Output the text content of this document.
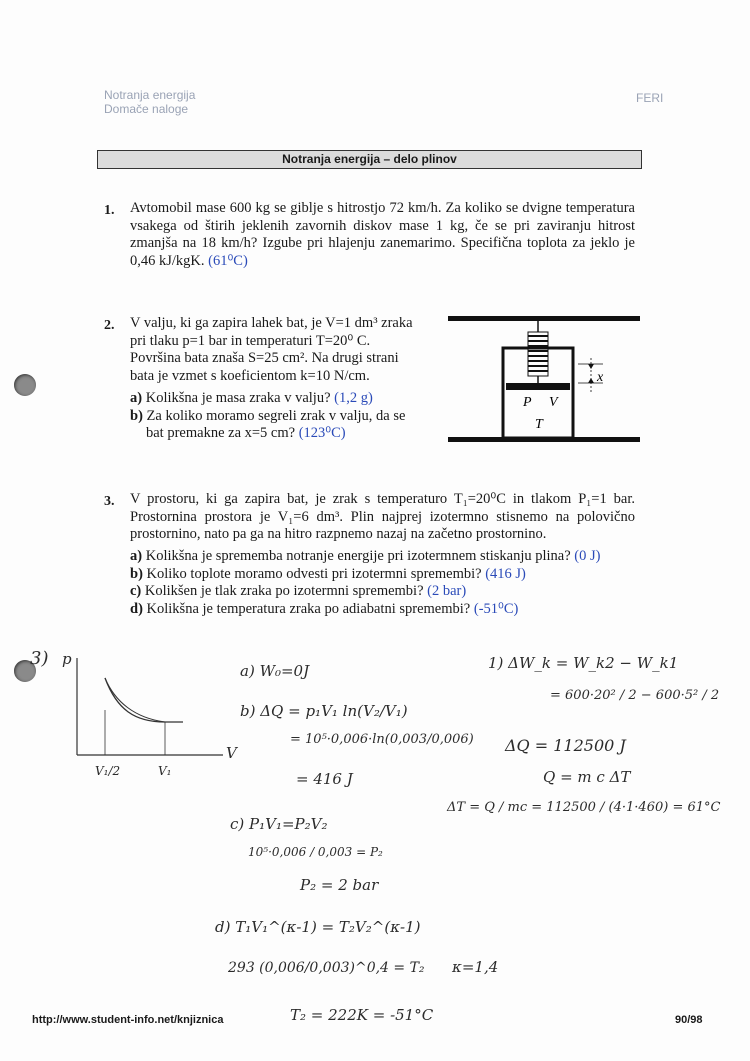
Notranja energija
Domače naloge
FERI
Notranja energija – delo plinov
1. Avtomobil mase 600 kg se giblje s hitrostjo 72 km/h. Za koliko se dvigne temperatura vsakega od štirih jeklenih zavornih diskov mase 1 kg, če se pri zaviranju hitrost zmanjša na 18 km/h? Izgube pri hlajenju zanemarimo. Specifična toplota za jeklo je 0,46 kJ/kgK. (61⁰C)
2. V valju, ki ga zapira lahek bat, je V=1 dm³ zraka pri tlaku p=1 bar in temperaturi T=20⁰ C. Površina bata znaša S=25 cm². Na drugi strani bata je vzmet s koeficientom k=10 N/cm.
a) Kolikšna je masa zraka v valju? (1,2 g)
b) Za koliko moramo segreli zrak v valju, da se bat premakne za x=5 cm? (123⁰C)
x
P V
T
3. V prostoru, ki ga zapira bat, je zrak s temperaturo T₁=20⁰C in tlakom P₁=1 bar. Prostornina prostora je V₁=6 dm³. Plin najprej izotermno stisnemo na polovično prostornino, nato pa ga na hitro razpnemo nazaj na začetno prostornino.
a) Kolikšna je sprememba notranje energije pri izotermnem stiskanju plina? (0 J)
b) Koliko toplote moramo odvesti pri izotermni spremembi? (416 J)
c) Kolikšen je tlak zraka po izotermni spremembi? (2 bar)
d) Kolikšna je temperatura zraka po adiabatni spremembi? (-51⁰C)
3) p
V
V₁/2	V₁
a) W₀=0J
b) ΔQ = p₁V₁ ln(V₂/V₁)
= 10⁵·0,006·ln(0,003/0,006)
= 416 J
c) P₁V₁=P₂V₂
10⁵·0,006 / 0,003 = P₂
P₂ = 2 bar
d) T₁V₁^(κ-1) = T₂V₂^(κ-1)
293 (0,006/0,003)^0,4 = T₂
T₂ = 222K = -51°C
κ=1,4
1) ΔW_k = W_k2 − W_k1
= 600·20² / 2 − 600·5² / 2
ΔQ = 112500 J
Q = m c ΔT
ΔT = Q / mc = 112500 / (4·1·460) = 61°C
http://www.student-info.net/knjiznica	90/98
